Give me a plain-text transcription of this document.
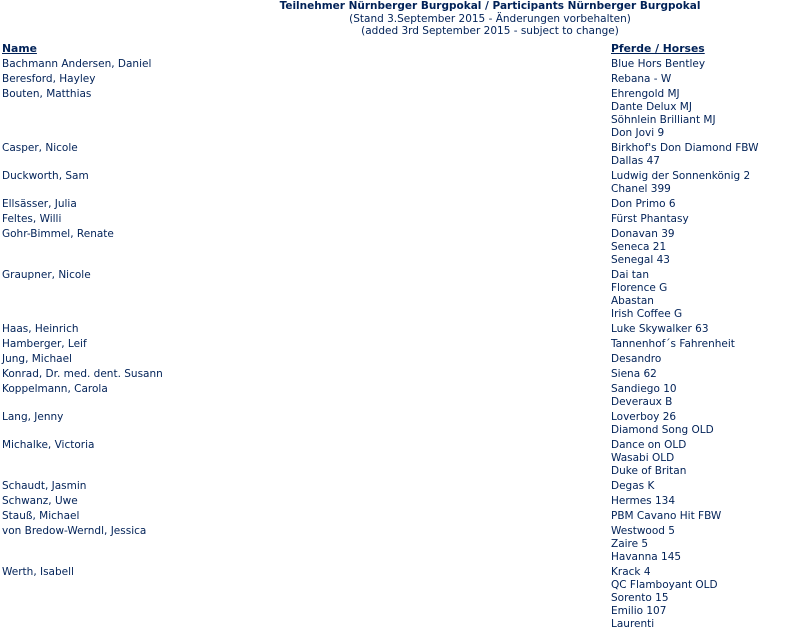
Teilnehmer Nürnberger Burgpokal / Participants Nürnberger Burgpokal
(Stand 3.September 2015 - Änderungen vorbehalten)
(added 3rd September 2015 - subject to change)
Name	Pferde / Horses
Bachmann Andersen, Daniel	Blue Hors Bentley
Beresford, Hayley	Rebana - W
Bouten, Matthias	Ehrengold MJ
Dante Delux MJ
Söhnlein Brilliant MJ
Don Jovi 9
Casper, Nicole	Birkhof's Don Diamond FBW
Dallas 47
Duckworth, Sam	Ludwig der Sonnenkönig 2
Chanel 399
Ellsässer, Julia	Don Primo 6
Feltes, Willi	Fürst Phantasy
Gohr-Bimmel, Renate	Donavan 39
Seneca 21
Senegal 43
Graupner, Nicole	Dai tan
Florence G
Abastan
Irish Coffee G
Haas, Heinrich	Luke Skywalker 63
Hamberger, Leif	Tannenhof´s Fahrenheit
Jung, Michael	Desandro
Konrad, Dr. med. dent. Susann	Siena 62
Koppelmann, Carola	Sandiego 10
Deveraux B
Lang, Jenny	Loverboy 26
Diamond Song OLD
Michalke, Victoria	Dance on OLD
Wasabi OLD
Duke of Britan
Schaudt, Jasmin	Degas K
Schwanz, Uwe	Hermes 134
Stauß, Michael	PBM Cavano Hit FBW
von Bredow-Werndl, Jessica	Westwood 5
Zaire 5
Havanna 145
Werth, Isabell	Krack 4
QC Flamboyant OLD
Sorento 15
Emilio 107
Laurenti
